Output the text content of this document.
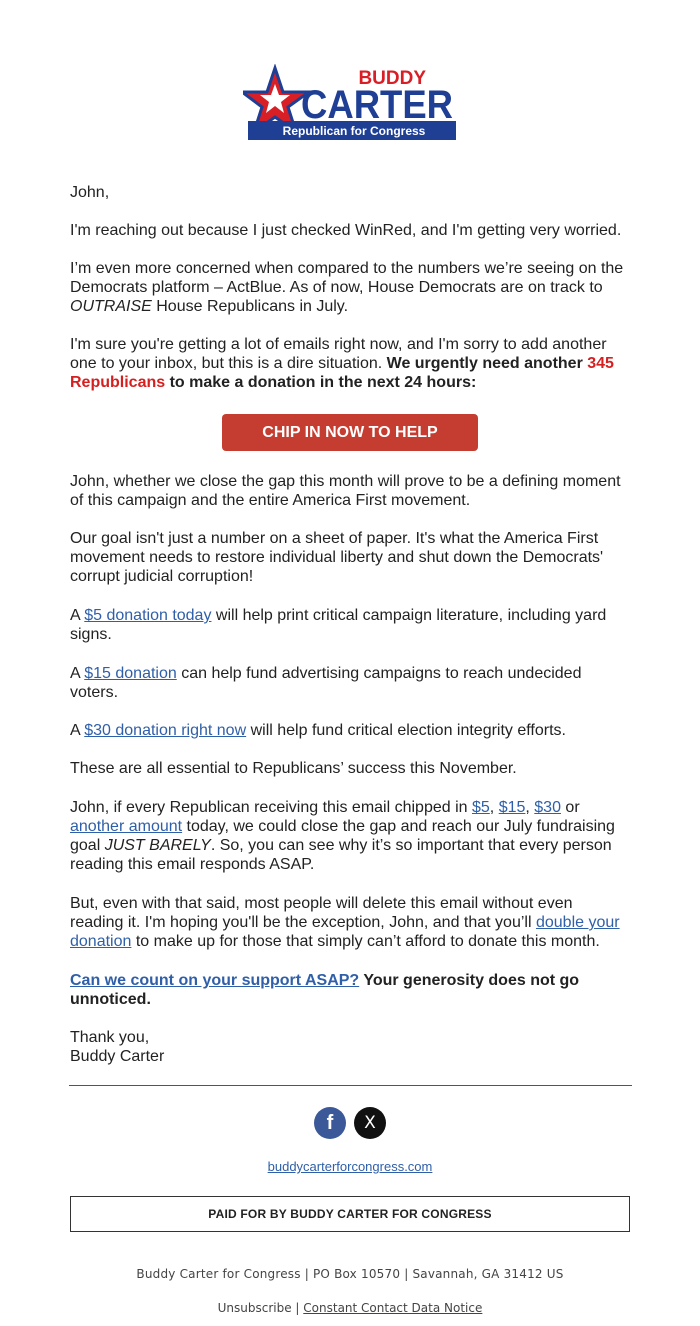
BUDDY
CARTER
Republican for Congress

John,

I'm reaching out because I just checked WinRed, and I'm getting very worried.

I’m even more concerned when compared to the numbers we’re seeing on the
Democrats platform – ActBlue. As of now, House Democrats are on track to
OUTRAISE House Republicans in July.

I'm sure you're getting a lot of emails right now, and I'm sorry to add another one to your inbox, but this is a dire situation. We urgently need another 345 Republicans to make a donation in the next 24 hours:

CHIP IN NOW TO HELP

John, whether we close the gap this month will prove to be a defining moment of this campaign and the entire America First movement.

Our goal isn't just a number on a sheet of paper. It's what the America First movement needs to restore individual liberty and shut down the Democrats' corrupt judicial corruption!

A $5 donation today will help print critical campaign literature, including yard signs.

A $15 donation can help fund advertising campaigns to reach undecided voters.

A $30 donation right now will help fund critical election integrity efforts.

These are all essential to Republicans’ success this November.

John, if every Republican receiving this email chipped in $5, $15, $30 or
another amount today, we could close the gap and reach our July fundraising goal JUST BARELY. So, you can see why it’s so important that every person reading this email responds ASAP.

But, even with that said, most people will delete this email without even reading it. I'm hoping you'll be the exception, John, and that you’ll double your donation to make up for those that simply can’t afford to donate this month.

Can we count on your support ASAP? Your generosity does not go unnoticed.

Thank you,
Buddy Carter

f X
buddycarterforcongress.com
PAID FOR BY BUDDY CARTER FOR CONGRESS
Buddy Carter for Congress | PO Box 10570 | Savannah, GA 31412 US
Unsubscribe | Constant Contact Data Notice
